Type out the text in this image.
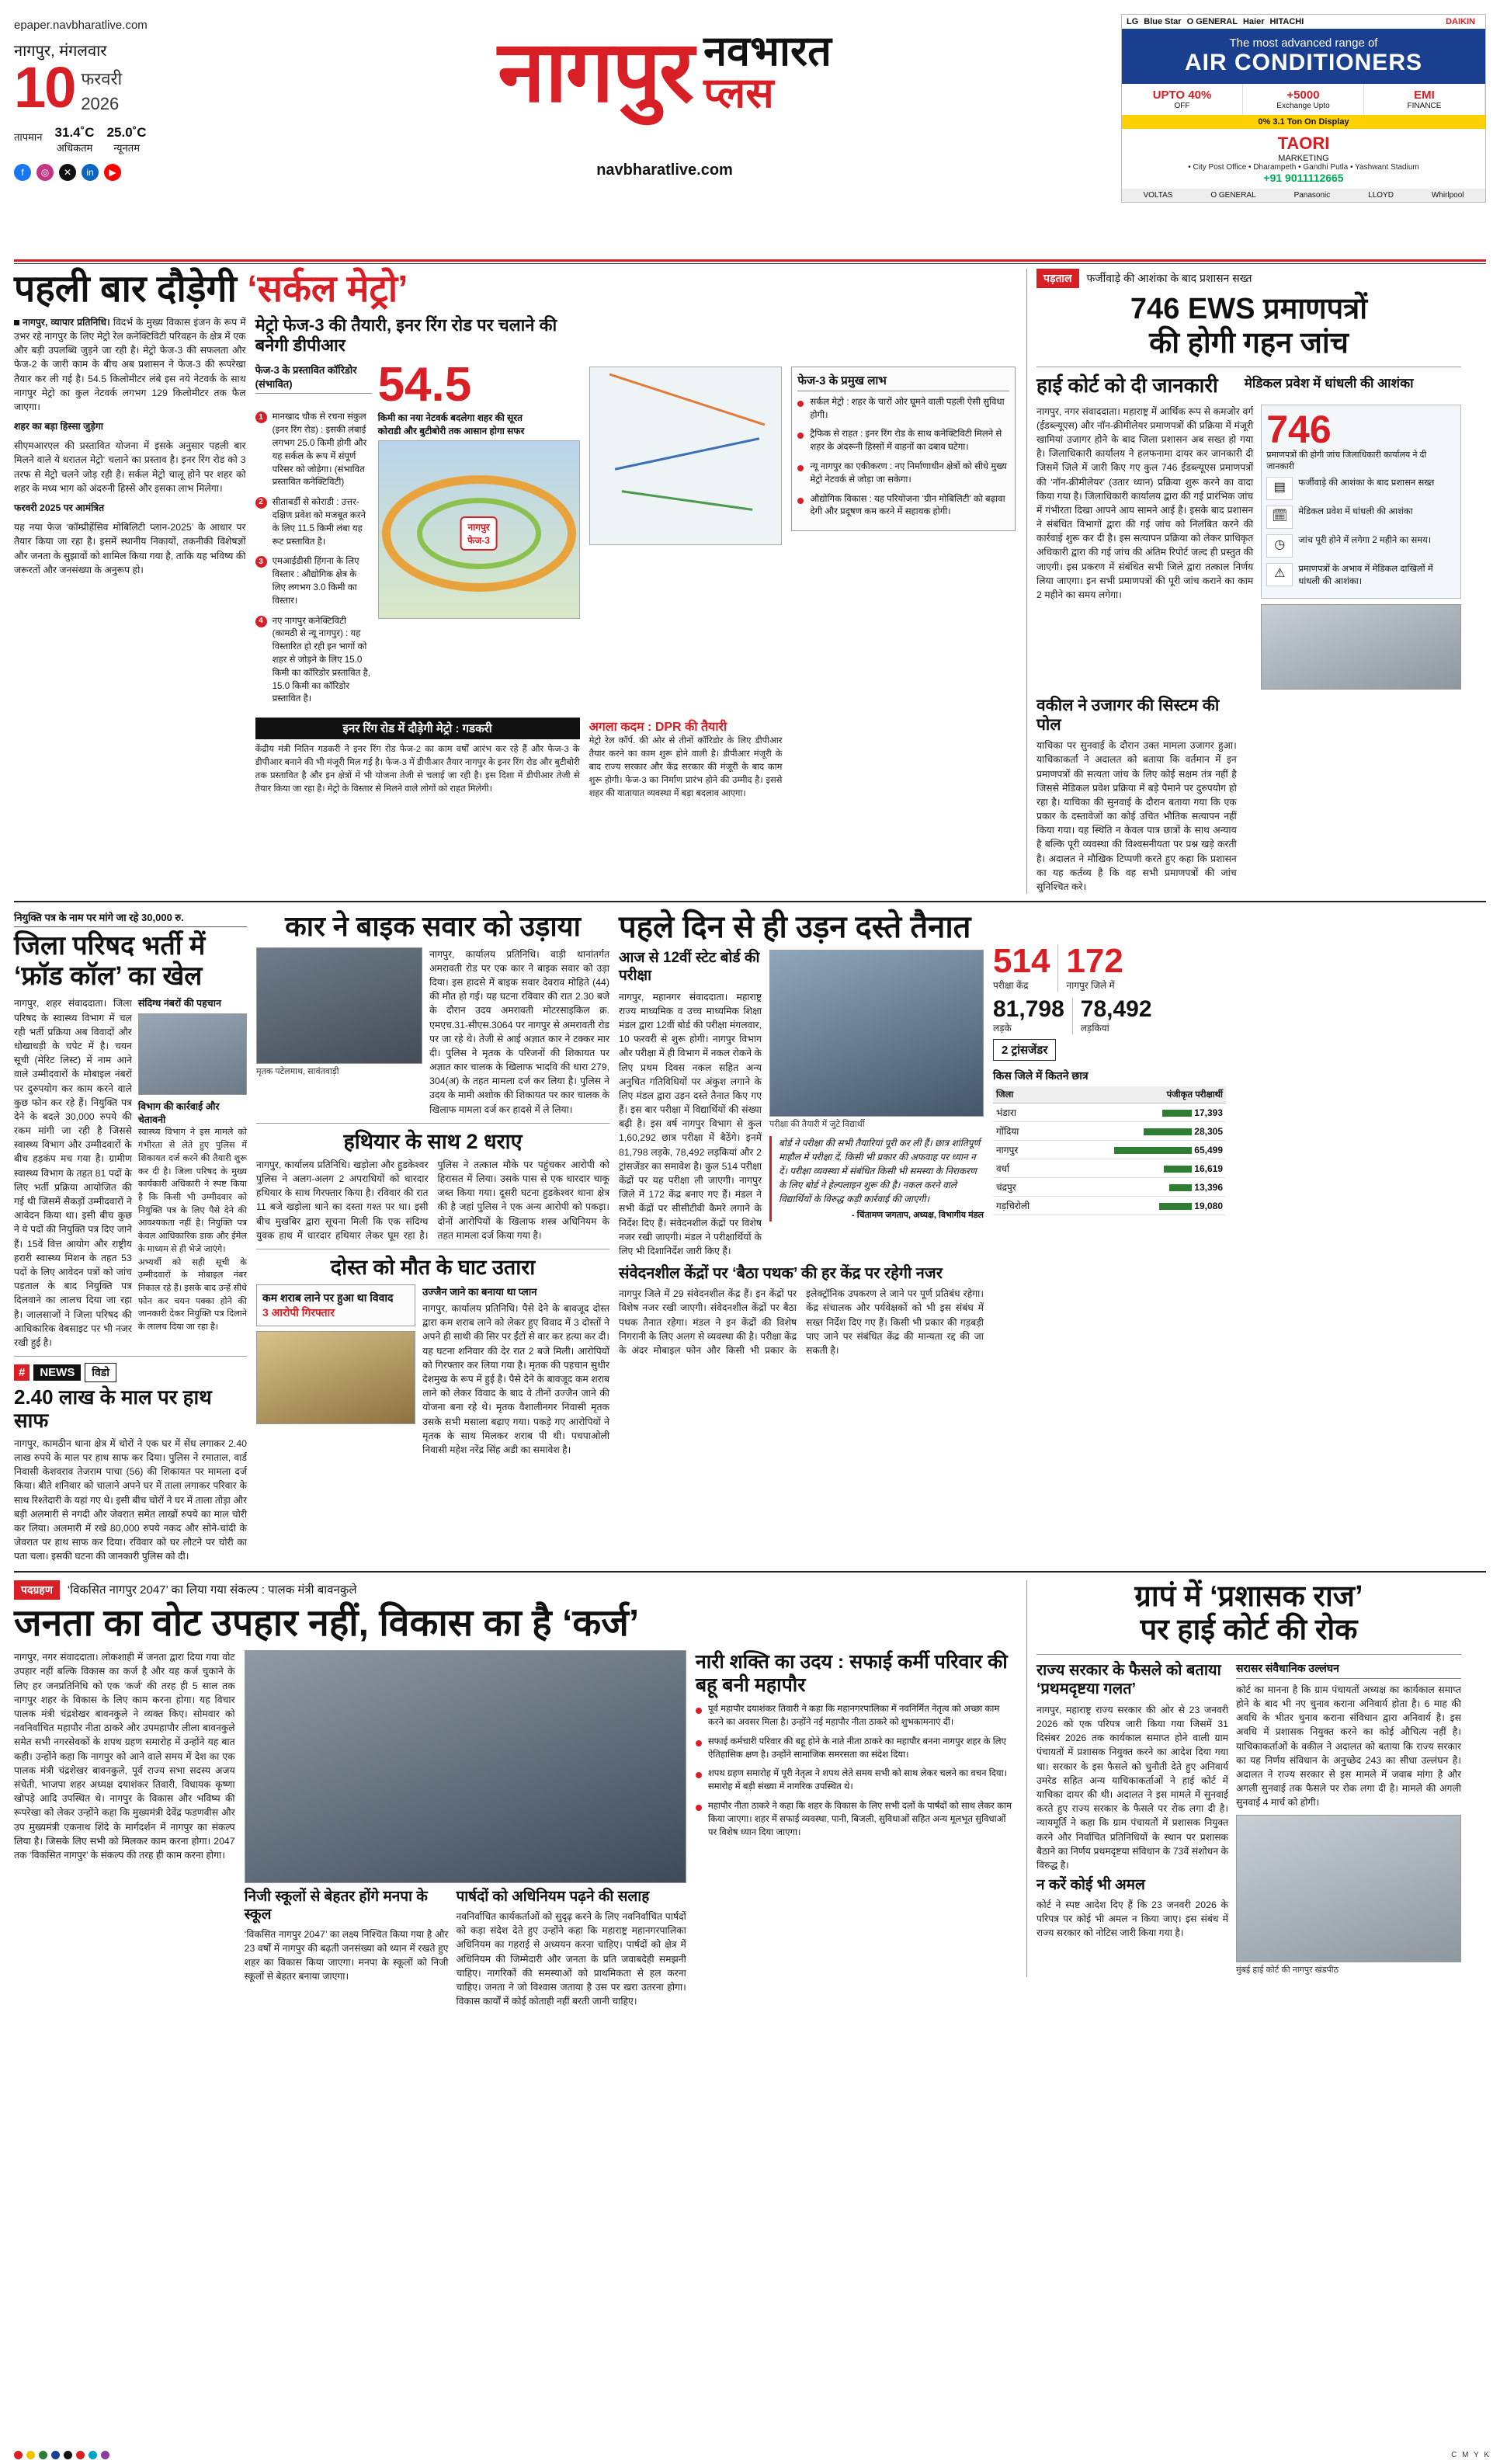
epaper.navbharatlive.com
नागपुर, मंगलवार
10 फरवरी
2026
तापमान 31.4˚C
अधिकतम
25.0˚C
न्यूनतम
f	◎	✕	in	▶
नागपुर नवभारत
प्लस
navbharatlive.com
LG Blue Star O GENERAL Haier HITACHI	DAIKIN
The most advanced range of
AIR CONDITIONERS
UPTO 40%
OFF
+5000
Exchange Upto
EMI
FINANCE
0% 3.1 Ton On Display
TAORI
MARKETING
• City Post Office • Dharampeth • Gandhi Putla • Yashwant Stadium
+91 9011112665
VOLTAS	O GENERAL	Panasonic	LLOYD	Whirlpool
पहली बार दौड़ेगी ‘सर्कल मेट्रो’

नागपुर, व्यापार प्रतिनिधि। विदर्भ के मुख्य विकास इंजन के रूप में उभर रहे नागपुर के लिए मेट्रो रेल कनेक्टिविटी परिवहन के क्षेत्र में एक और बड़ी उपलब्धि जुड़ने जा रही है। मेट्रो फेज-3 की सफलता और फेज-2 के जारी काम के बीच अब प्रशासन ने फेज-3 की रूपरेखा तैयार कर ली गई है। 54.5 किलोमीटर लंबे इस नये नेटवर्क के साथ नागपुर मेट्रो का कुल नेटवर्क लगभग 129 किलोमीटर तक फैल जाएगा।

शहर का बड़ा हिस्सा जुड़ेगा

सीएमआरएल की प्रस्तावित योजना में इसके अनुसार पहली बार मिलने वाले ये धरातल मेट्रो‘ चलाने का प्रस्ताव है। इनर रिंग रोड को 3 तरफ से मेट्रो चलने जोड़ रही है। सर्कल मेट्रो चालू होने पर शहर को शहर के मध्य भाग को अंदरुनी हिस्से और इसका लाभ मिलेगा।

फरवरी 2025 पर आमंत्रित

यह नया फेज ‘कॉम्प्रीहेंसिव मोबिलिटी प्लान-2025’ के आधार पर तैयार किया जा रहा है। इसमें स्थानीय निकायों, तकनीकी विशेषज्ञों और जनता के सुझावों को शामिल किया गया है, ताकि यह भविष्य की जरूरतों और जनसंख्या के अनुरूप हो।

मेट्रो फेज-3 की तैयारी, इनर रिंग रोड पर चलाने की बनेगी डीपीआर
फेज-3 के प्रस्तावित कॉरिडोर (संभावित)	54.5
मानखाद चौक से रचना संकुल (इनर रिंग रोड) : इसकी लंबाई लगभग 25.0 किमी होगी और यह सर्कल के रूप में संपूर्ण परिसर को जोड़ेगा। (संभावित प्रस्तावित कनेक्टिविटी)
सीताबर्डी से कोराडी : उत्तर-दक्षिण प्रवेश को मजबूत करने के लिए 11.5 किमी लंबा यह रूट प्रस्तावित है।
एमआईडीसी हिंगना के लिए विस्तार : औद्योगिक क्षेत्र के लिए लगभग 3.0 किमी का विस्तार।
नए नागपुर कनेक्टिविटी (कामठी से न्यू नागपुर) : यह विस्तारित हो रही इन भागों को शहर से जोड़ने के लिए 15.0 किमी का कॉरिडोर प्रस्तावित है, 15.0 किमी का कॉरिडोर प्रस्तावित है।
किमी का नया नेटवर्क बदलेगा शहर की सूरत
कोराडी और बुटीबोरी तक आसान होगा सफर
नागपुर
फेज-3
फेज-3 के प्रमुख लाभ
सर्कल मेट्रो : शहर के चारों ओर घूमने वाली पहली ऐसी सुविधा होगी।
ट्रैफिक से राहत : इनर रिंग रोड के साथ कनेक्टिविटी मिलने से शहर के अंदरूनी हिस्सों में वाहनों का दबाव घटेगा।
न्यू नागपुर का एकीकरण : नए निर्माणाधीन क्षेत्रों को सीधे मुख्य मेट्रो नेटवर्क से जोड़ा जा सकेगा।
औद्योगिक विकास : यह परियोजना ‘ग्रीन मोबिलिटी’ को बढ़ावा देगी और प्रदूषण कम करने में सहायक होगी।
इनर रिंग रोड में दौड़ेगी मेट्रो : गडकरी
केंद्रीय मंत्री नितिन गडकरी ने इनर रिंग रोड फेज-2 का काम वर्षों आरंभ कर रहे हैं और फेज-3 के डीपीआर बनाने की भी मंजूरी मिल गई है। फेज-3 में डीपीआर तैयार नागपुर के इनर रिंग रोड और बुटीबोरी तक प्रस्तावित है और इन क्षेत्रों में भी योजना तेजी से चलाई जा रही है। इस दिशा में डीपीआर तेजी से तैयार किया जा रहा है। मेट्रो के विस्तार से मिलने वाले लोगों को राहत मिलेगी।
अगला कदम : DPR की तैयारी
मेट्रो रेल कॉर्प. की ओर से तीनों कॉरिडोर के लिए डीपीआर तैयार करने का काम शुरू होने वाली है। डीपीआर मंजूरी के बाद राज्य सरकार और केंद्र सरकार की मंजूरी के बाद काम शुरू होगी। फेज-3 का निर्माण प्रारंभ होने की उम्मीद है। इससे शहर की यातायात व्यवस्था में बड़ा बदलाव आएगा।
पड़ताल फर्जीवाड़े की आशंका के बाद प्रशासन सख्त
746 EWS प्रमाणपत्रों
की होगी गहन जांच
हाई कोर्ट को दी जानकारी	मेडिकल प्रवेश में धांधली की आशंका
नागपुर, नगर संवाददाता। महाराष्ट्र में आर्थिक रूप से कमजोर वर्ग (ईडब्ल्यूएस) और नॉन-क्रीमीलेयर प्रमाणपत्रों की प्रक्रिया में मंजूरी खामियां उजागर होने के बाद जिला प्रशासन अब सख्त हो गया है। जिलाधिकारी कार्यालय ने हलफनामा दायर कर जानकारी दी जिसमें जिले में जारी किए गए कुल 746 ईडब्ल्यूएस प्रमाणपत्रों की ‘नॉन-क्रीमीलेयर’ (उतार ध्यान) प्रक्रिया शुरू करने का वादा किया गया है। जिलाधिकारी कार्यालय द्वारा की गई प्रारंभिक जांच में गंभीरता दिखा आपने आय सामने आई है। इसके बाद प्रशासन ने संबंधित विभागों द्वारा की गई जांच को निलंबित करने की कार्रवाई शुरू कर दी है। इस सत्यापन प्रक्रिया को लेकर प्राधिकृत अधिकारी द्वारा की गई जांच की अंतिम रिपोर्ट जल्द ही प्रस्तुत की जाएगी। इस प्रकरण में संबंधित सभी जिले द्वारा तत्काल निर्णय लिया जाएगा। इन सभी प्रमाणपत्रों की पूरी जांच कराने का काम 2 महीने का समय लगेगा।
746
प्रमाणपत्रों की होगी जांच जिलाधिकारी कार्यालय ने दी जानकारी
▤	फर्जीवाड़े की आशंका के बाद प्रशासन सख्त
🗓	मेडिकल प्रवेश में धांधली की आशंका
◷	जांच पूरी होने में लगेगा 2 महीने का समय।
⚠	प्रमाणपत्रों के अभाव में मेडिकल दाखिलों में धांधली की आशंका।
वकील ने उजागर की सिस्टम की पोल
याचिका पर सुनवाई के दौरान उक्त मामला उजागर हुआ। याचिकाकर्ता ने अदालत को बताया कि वर्तमान में इन प्रमाणपत्रों की सत्यता जांच के लिए कोई सक्षम तंत्र नहीं है जिससे मेडिकल प्रवेश प्रक्रिया में बड़े पैमाने पर दुरुपयोग हो रहा है। याचिका की सुनवाई के दौरान बताया गया कि एक प्रकार के दस्तावेजों का कोई उचित भौतिक सत्यापन नहीं किया गया। यह स्थिति न केवल पात्र छात्रों के साथ अन्याय है बल्कि पूरी व्यवस्था की विश्वसनीयता पर प्रश्न खड़े करती है। अदालत ने मौखिक टिप्पणी करते हुए कहा कि प्रशासन का यह कर्तव्य है कि वह सभी प्रमाणपत्रों की जांच सुनिश्चित करे।
नियुक्ति पत्र के नाम पर मांगे जा रहे 30,000 रु.
जिला परिषद भर्ती में
‘फ्रॉड कॉल’ का खेल
नागपुर, शहर संवाददाता। जिला परिषद के स्वास्थ्य विभाग में चल रही भर्ती प्रक्रिया अब विवादों और धोखाधड़ी के चपेट में है। चयन सूची (मेरिट लिस्ट) में नाम आने वाले उम्मीदवारों के मोबाइल नंबरों पर दुरुपयोग कर काम करने वाले कुछ फोन कर रहे हैं। नियुक्ति पत्र देने के बदले 30,000 रुपये की रकम मांगी जा रही है जिससे स्वास्थ्य विभाग और उम्मीदवारों के बीच हड़कंप मच गया है। ग्रामीण स्वास्थ्य विभाग के तहत 81 पदों के लिए भर्ती प्रक्रिया आयोजित की गई थी जिसमें सैकड़ों उम्मीदवारों ने आवेदन किया था। इसी बीच कुछ ने ये पदों की नियुक्ति पत्र दिए जाने हैं। 15वें वित्त आयोग और राष्ट्रीय हरारी स्वास्थ्य मिशन के तहत 53 पदों के लिए आवेदन पत्रों को जांच पड़ताल के बाद नियुक्ति पत्र दिलवाने का लालच दिया जा रहा है। जालसाजों ने जिला परिषद की आधिकारिक वेबसाइट पर भी नजर रखी हुई है।
संदिग्ध नंबरों की पहचान
विभाग की कार्रवाई और चेतावनी
स्वास्थ्य विभाग ने इस मामले को गंभीरता से लेते हुए पुलिस में शिकायत दर्ज करने की तैयारी शुरू कर दी है। जिला परिषद के मुख्य कार्यकारी अधिकारी ने स्पष्ट किया है कि किसी भी उम्मीदवार को नियुक्ति पत्र के लिए पैसे देने की आवश्यकता नहीं है। नियुक्ति पत्र केवल आधिकारिक डाक और ईमेल के माध्यम से ही भेजे जाएंगे।
अभ्यर्थी को सही सूची के उम्मीदवारों के मोबाइल नंबर निकाल रहे हैं। इसके बाद उन्हें सीधे फोन कर चयन पक्का होने की जानकारी देकर नियुक्ति पत्र दिलाने के लालच दिया जा रहा है।
#	NEWS	विडो
2.40 लाख के माल पर हाथ साफ
नागपुर, कामठीन थाना क्षेत्र में चोरों ने एक घर में सेंध लगाकर 2.40 लाख रुपये के माल पर हाथ साफ कर दिया। पुलिस ने रमाताल, वार्ड निवासी केशवराव तेजराम पाचा (56) की शिकायत पर मामला दर्ज किया। बीते शनिवार को चालाने अपने घर में ताला लगाकर परिवार के साथ रिश्तेदारी के यहां गए थे। इसी बीच चोरों ने घर में ताला तोड़ा और बड़ी अलमारी से नगदी और जेवरात समेत लाखों रुपये का माल चोरी कर लिया। अलमारी में रखे 80,000 रुपये नकद और सोने-चांदी के जेवरात पर हाथ साफ कर दिया। रविवार को घर लौटने पर चोरी का पता चला। इसकी घटना की जानकारी पुलिस को दी।
कार ने बाइक सवार को उड़ाया
मृतक पटेलमाथ, सावंतवाड़ी
नागपुर, कार्यालय प्रतिनिधि। वाड़ी थानांतर्गत अमरावती रोड पर एक कार ने बाइक सवार को उड़ा दिया। इस हादसे में बाइक सवार देवराव मोहिते (44) की मौत हो गई। यह घटना रविवार की रात 2.30 बजे के दौरान उदय अमरावती मोटरसाइकिल क्र. एमएच.31-सीएस.3064 पर नागपुर से अमरावती रोड पर जा रहे थे। तेजी से आई अज्ञात कार ने टक्कर मार दी। पुलिस ने मृतक के परिजनों की शिकायत पर अज्ञात कार चालक के खिलाफ भादवि की धारा 279, 304(अ) के तहत मामला दर्ज कर लिया है। पुलिस ने उदय के मामी अशोक की शिकायत पर कार चालक के खिलाफ मामला दर्ज कर हादसे में ले लिया।
हथियार के साथ 2 धराए
नागपुर, कार्यालय प्रतिनिधि। खड़ोला और हुडकेश्वर पुलिस ने अलग-अलग 2 अपराधियों को धारदार हथियार के साथ गिरफ्तार किया है। रविवार की रात 11 बजे खड़ोला थाने का दस्ता गश्त पर था। इसी बीच मुखबिर द्वारा सूचना मिली कि एक संदिग्ध युवक हाथ में धारदार हथियार लेकर घूम रहा है। पुलिस ने तत्काल मौके पर पहुंचकर आरोपी को हिरासत में लिया। उसके पास से एक धारदार चाकू जब्त किया गया। दूसरी घटना हुडकेश्वर थाना क्षेत्र की है जहां पुलिस ने एक अन्य आरोपी को पकड़ा। दोनों आरोपियों के खिलाफ शस्त्र अधिनियम के तहत मामला दर्ज किया गया है।
दोस्त को मौत के घाट उतारा
कम शराब लाने पर हुआ था विवाद
3 आरोपी गिरफ्तार
उज्जैन जाने का बनाया था प्लान
नागपुर, कार्यालय प्रतिनिधि। पैसे देने के बावजूद दोस्त द्वारा कम शराब लाने को लेकर हुए विवाद में 3 दोस्तों ने अपने ही साथी की सिर पर ईंटों से वार कर हत्या कर दी। यह घटना शनिवार की देर रात 2 बजे मिली। आरोपियों को गिरफ्तार कर लिया गया है। मृतक की पहचान सुधीर देशमुख के रूप में हुई है। पैसे देने के बावजूद कम शराब लाने को लेकर विवाद के बाद वे तीनों उज्जैन जाने की योजना बना रहे थे। मृतक वैशालीनगर निवासी मृतक उसके सभी मसाला बढ़ाए गया। पकड़े गए आरोपियों ने मृतक के साथ मिलकर शराब पी थी। पचपाओली निवासी महेश नरेंद्र सिंह अडी का समावेश है।
पहले दिन से ही उड़न दस्ते तैनात
आज से 12वीं स्टेट बोर्ड की परीक्षा
नागपुर, महानगर संवाददाता। महाराष्ट्र राज्य माध्यमिक व उच्च माध्यमिक शिक्षा मंडल द्वारा 12वीं बोर्ड की परीक्षा मंगलवार, 10 फरवरी से शुरू होगी। नागपुर विभाग और परीक्षा में ही विभाग में नकल रोकने के लिए प्रथम दिवस नकल सहित अन्य अनुचित गतिविधियों पर अंकुश लगाने के लिए मंडल द्वारा उड़न दस्ते तैनात किए गए हैं। इस बार परीक्षा में विद्यार्थियों की संख्या बढ़ी है। इस वर्ष नागपुर विभाग से कुल 1,60,292 छात्र परीक्षा में बैठेंगे। इनमें 81,798 लड़के, 78,492 लड़कियां और 2 ट्रांसजेंडर का समावेश है। कुल 514 परीक्षा केंद्रों पर यह परीक्षा ली जाएगी। नागपुर जिले में 172 केंद्र बनाए गए हैं। मंडल ने सभी केंद्रों पर सीसीटीवी कैमरे लगाने के निर्देश दिए हैं। संवेदनशील केंद्रों पर विशेष नजर रखी जाएगी। मंडल ने परीक्षार्थियों के लिए भी दिशानिर्देश जारी किए हैं।
परीक्षा की तैयारी में जुटे विद्यार्थी
बोर्ड ने परीक्षा की सभी तैयारियां पूरी कर ली हैं। छात्र शांतिपूर्ण माहौल में परीक्षा दें, किसी भी प्रकार की अफवाह पर ध्यान न दें। परीक्षा व्यवस्था में संबंधित किसी भी समस्या के निराकरण के लिए बोर्ड ने हेल्पलाइन शुरू की है। नकल करने वाले विद्यार्थियों के विरुद्ध कड़ी कार्रवाई की जाएगी।
- चिंतामण जगताप, अध्यक्ष, विभागीय मंडल
संवेदनशील केंद्रों पर ‘बैठा पथक’ की हर केंद्र पर रहेगी नजर
नागपुर जिले में 29 संवेदनशील केंद्र हैं। इन केंद्रों पर विशेष नजर रखी जाएगी। संवेदनशील केंद्रों पर बैठा पथक तैनात रहेगा। मंडल ने इन केंद्रों की विशेष निगरानी के लिए अलग से व्यवस्था की है। परीक्षा केंद्र के अंदर मोबाइल फोन और किसी भी प्रकार के इलेक्ट्रॉनिक उपकरण ले जाने पर पूर्ण प्रतिबंध रहेगा। केंद्र संचालक और पर्यवेक्षकों को भी इस संबंध में सख्त निर्देश दिए गए हैं। किसी भी प्रकार की गड़बड़ी पाए जाने पर संबंधित केंद्र की मान्यता रद्द की जा सकती है।
514
परीक्षा केंद्र
172
नागपुर जिले में
81,798
लड़के
78,492
लड़कियां
2 ट्रांसजेंडर
किस जिले में कितने छात्र
जिला	पंजीकृत परीक्षार्थी
भंडारा	17,393
गोंदिया	28,305
नागपुर	65,499
वर्धा	16,619
चंद्रपुर	13,396
गड़चिरोली	19,080
पदग्रहण	‘विकसित नागपुर 2047’ का लिया गया संकल्प : पालक मंत्री बावनकुले
जनता का वोट उपहार नहीं, विकास का है ‘कर्ज’
नागपुर, नगर संवाददाता। लोकशाही में जनता द्वारा दिया गया वोट उपहार नहीं बल्कि विकास का कर्ज है और यह कर्ज चुकाने के लिए हर जनप्रतिनिधि को एक ‘कर्ज’ की तरह ही 5 साल तक नागपुर शहर के विकास के लिए काम करना होगा। यह विचार पालक मंत्री चंद्रशेखर बावनकुले ने व्यक्त किए। सोमवार को नवनिर्वाचित महापौर नीता ठाकरे और उपमहापौर लीला बावनकुले समेत सभी नगरसेवकों के शपथ ग्रहण समारोह में उन्होंने यह बात कही। उन्होंने कहा कि नागपुर को आने वाले समय में देश का एक पालक मंत्री चंद्रशेखर बावनकुले, पूर्व राज्य सभा सदस्य अजय संचेती, भाजपा शहर अध्यक्ष दयाशंकर तिवारी, विधायक कृष्णा खोपड़े आदि उपस्थित थे। नागपुर के विकास और भविष्य की रूपरेखा को लेकर उन्होंने कहा कि मुख्यमंत्री देवेंद्र फडणवीस और उप मुख्यमंत्री एकनाथ शिंदे के मार्गदर्शन में नागपुर का संकल्प लिया है। जिसके लिए सभी को मिलकर काम करना होगा। 2047 तक ‘विकसित नागपुर’ के संकल्प की तरह ही काम करना होगा।
निजी स्कूलों से बेहतर होंगे मनपा के स्कूल
‘विकसित नागपुर 2047’ का लक्ष्य निश्चित किया गया है और 23 वर्षों में नागपुर की बढ़ती जनसंख्या को ध्यान में रखते हुए शहर का विकास किया जाएगा। मनपा के स्कूलों को निजी स्कूलों से बेहतर बनाया जाएगा।
पार्षदों को अधिनियम पढ़ने की सलाह
नवनिर्वाचित कार्यकर्ताओं को सुदृढ़ करने के लिए नवनिर्वाचित पार्षदों को कड़ा संदेश देते हुए उन्होंने कहा कि महाराष्ट्र महानगरपालिका अधिनियम का गहराई से अध्ययन करना चाहिए। पार्षदों को क्षेत्र में अधिनियम की जिम्मेदारी और जनता के प्रति जवाबदेही समझनी चाहिए। नागरिकों की समस्याओं को प्राथमिकता से हल करना चाहिए। जनता ने जो विश्वास जताया है उस पर खरा उतरना होगा। विकास कार्यों में कोई कोताही नहीं बरती जानी चाहिए।
नारी शक्ति का उदय : सफाई कर्मी परिवार की बहू बनी महापौर
पूर्व महापौर दयाशंकर तिवारी ने कहा कि महानगरपालिका में नवनिर्मित नेतृत्व को अच्छा काम करने का अवसर मिला है। उन्होंने नई महापौर नीता ठाकरे को शुभकामनाएं दीं।
सफाई कर्मचारी परिवार की बहू होने के नाते नीता ठाकरे का महापौर बनना नागपुर शहर के लिए ऐतिहासिक क्षण है। उन्होंने सामाजिक समरसता का संदेश दिया।
शपथ ग्रहण समारोह में पूरी नेतृत्व ने शपथ लेते समय सभी को साथ लेकर चलने का वचन दिया। समारोह में बड़ी संख्या में नागरिक उपस्थित थे।
महापौर नीता ठाकरे ने कहा कि शहर के विकास के लिए सभी दलों के पार्षदों को साथ लेकर काम किया जाएगा। शहर में सफाई व्यवस्था, पानी, बिजली, सुविधाओं सहित अन्य मूलभूत सुविधाओं पर विशेष ध्यान दिया जाएगा।
ग्रापं में ‘प्रशासक राज’
पर हाई कोर्ट की रोक
राज्य सरकार के फैसले को बताया ‘प्रथमदृष्टया गलत’
नागपुर, महाराष्ट्र राज्य सरकार की ओर से 23 जनवरी 2026 को एक परिपत्र जारी किया गया जिसमें 31 दिसंबर 2026 तक कार्यकाल समाप्त होने वाली ग्राम पंचायतों में प्रशासक नियुक्त करने का आदेश दिया गया था। सरकार के इस फैसले को चुनौती देते हुए अनिवार्य उमरेड सहित अन्य याचिकाकर्ताओं ने हाई कोर्ट में याचिका दायर की थी। अदालत ने इस मामले में सुनवाई करते हुए राज्य सरकार के फैसले पर रोक लगा दी है। न्यायमूर्ति ने कहा कि ग्राम पंचायतों में प्रशासक नियुक्त करने और निर्वाचित प्रतिनिधियों के स्थान पर प्रशासक बैठाने का निर्णय प्रथमदृष्टया संविधान के 73वें संशोधन के विरुद्ध है।
न करें कोई भी अमल
कोर्ट ने स्पष्ट आदेश दिए हैं कि 23 जनवरी 2026 के परिपत्र पर कोई भी अमल न किया जाए। इस संबंध में राज्य सरकार को नोटिस जारी किया गया है।
सरासर संवैधानिक उल्लंघन
कोर्ट का मानना है कि ग्राम पंचायतों अध्यक्ष का कार्यकाल समाप्त होने के बाद भी नए चुनाव कराना अनिवार्य होता है। 6 माह की अवधि के भीतर चुनाव कराना संविधान द्वारा अनिवार्य है। इस अवधि में प्रशासक नियुक्त करने का कोई औचित्य नहीं है। याचिकाकर्ताओं के वकील ने अदालत को बताया कि राज्य सरकार का यह निर्णय संविधान के अनुच्छेद 243 का सीधा उल्लंघन है। अदालत ने राज्य सरकार से इस मामले में जवाब मांगा है और अगली सुनवाई तक फैसले पर रोक लगा दी है। मामले की अगली सुनवाई 4 मार्च को होगी।
मुंबई हाई कोर्ट की नागपुर खंडपीठ
C M Y K
